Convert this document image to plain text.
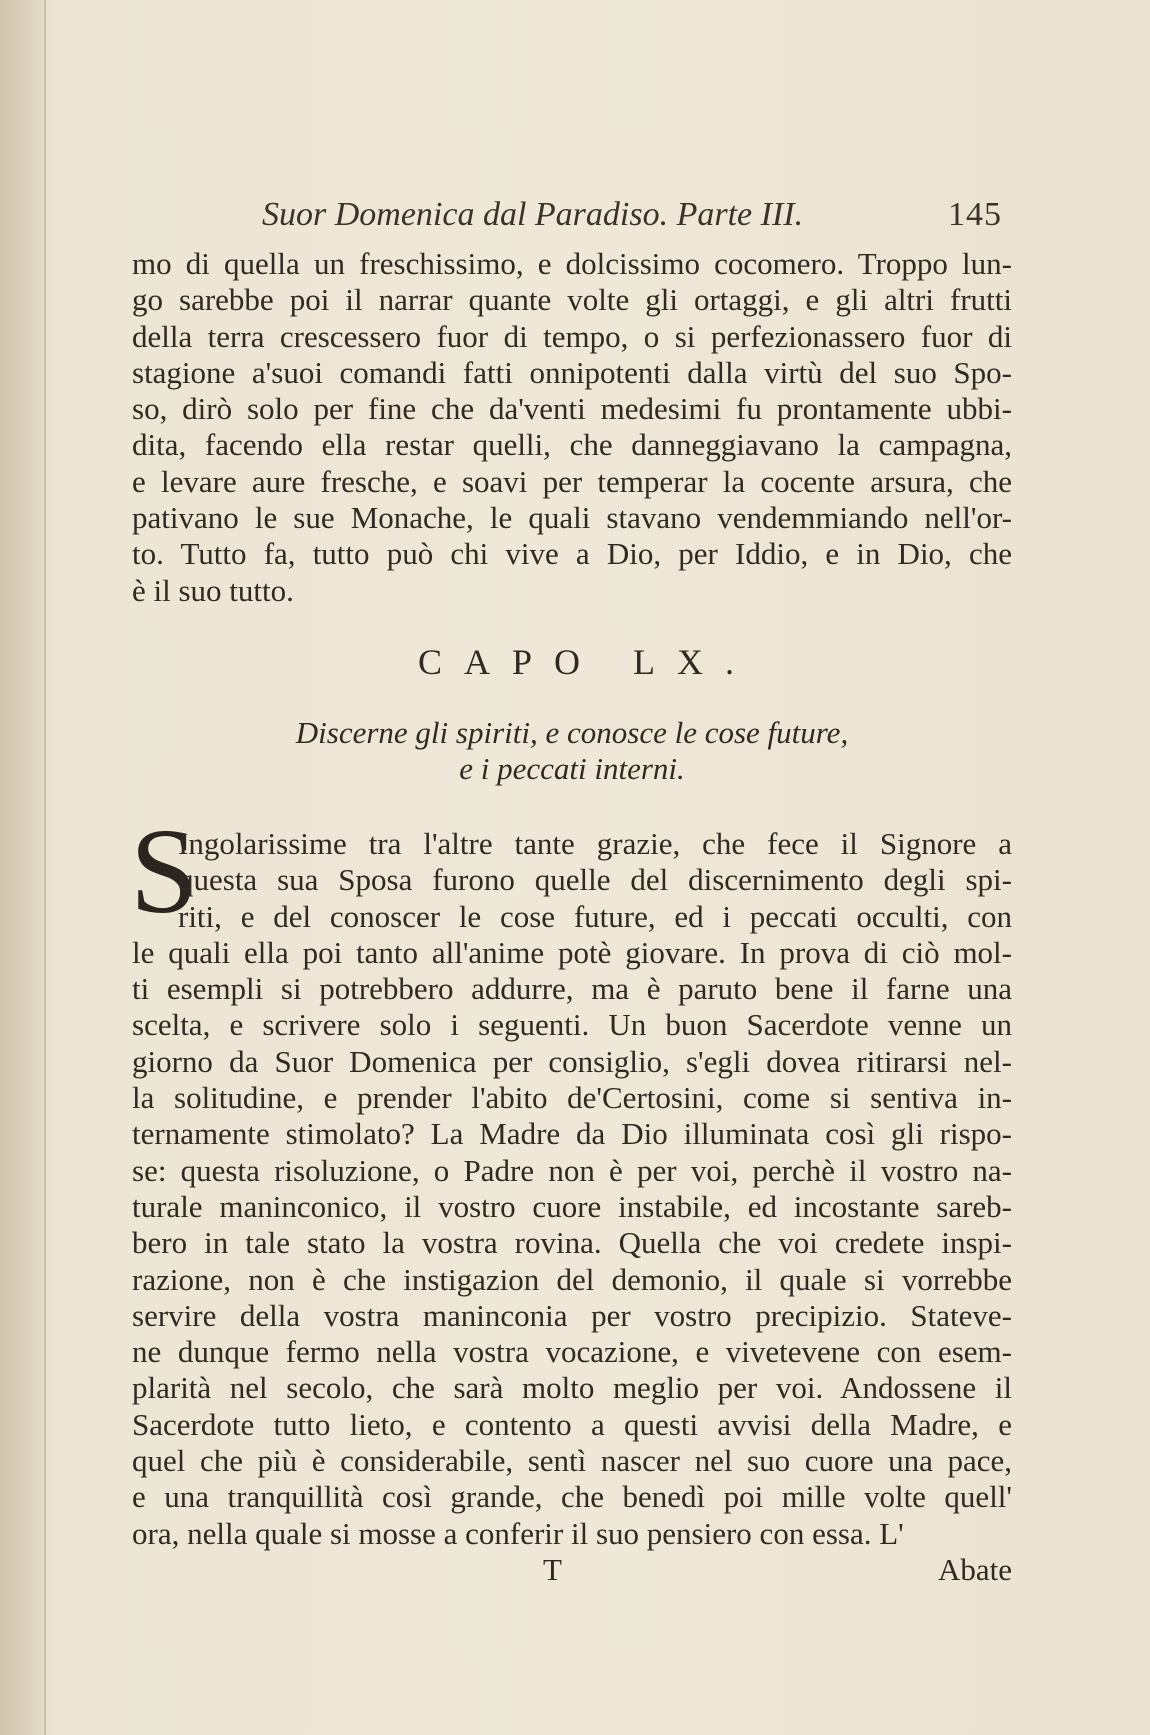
Suor Domenica dal Paradiso. Parte III.	145
mo di quella un freschissimo, e dolcissimo cocomero. Troppo lun-
go sarebbe poi il narrar quante volte gli ortaggi, e gli altri frutti
della terra crescessero fuor di tempo, o si perfezionassero fuor di
stagione a'suoi comandi fatti onnipotenti dalla virtù del suo Spo-
so, dirò solo per fine che da'venti medesimi fu prontamente ubbi-
dita, facendo ella restar quelli, che danneggiavano la campagna,
e levare aure fresche, e soavi per temperar la cocente arsura, che
pativano le sue Monache, le quali stavano vendemmiando nell'or-
to. Tutto fa, tutto può chi vive a Dio, per Iddio, e in Dio, che
è il suo tutto.
CAPO LX.
Discerne gli spiriti, e conosce le cose future,
e i peccati interni.
S
Ingolarissime tra l'altre tante grazie, che fece il Signore a
questa sua Sposa furono quelle del discernimento degli spi-
riti, e del conoscer le cose future, ed i peccati occulti, con
le quali ella poi tanto all'anime potè giovare. In prova di ciò mol-
ti esempli si potrebbero addurre, ma è paruto bene il farne una
scelta, e scrivere solo i seguenti. Un buon Sacerdote venne un
giorno da Suor Domenica per consiglio, s'egli dovea ritirarsi nel-
la solitudine, e prender l'abito de'Certosini, come si sentiva in-
ternamente stimolato? La Madre da Dio illuminata così gli rispo-
se: questa risoluzione, o Padre non è per voi, perchè il vostro na-
turale maninconico, il vostro cuore instabile, ed incostante sareb-
bero in tale stato la vostra rovina. Quella che voi credete inspi-
razione, non è che instigazion del demonio, il quale si vorrebbe
servire della vostra maninconia per vostro precipizio. Stateve-
ne dunque fermo nella vostra vocazione, e vivetevene con esem-
plarità nel secolo, che sarà molto meglio per voi. Andossene il
Sacerdote tutto lieto, e contento a questi avvisi della Madre, e
quel che più è considerabile, sentì nascer nel suo cuore una pace,
e una tranquillità così grande, che benedì poi mille volte quell'
ora, nella quale si mosse a conferir il suo pensiero con essa. L'
T	Abate
